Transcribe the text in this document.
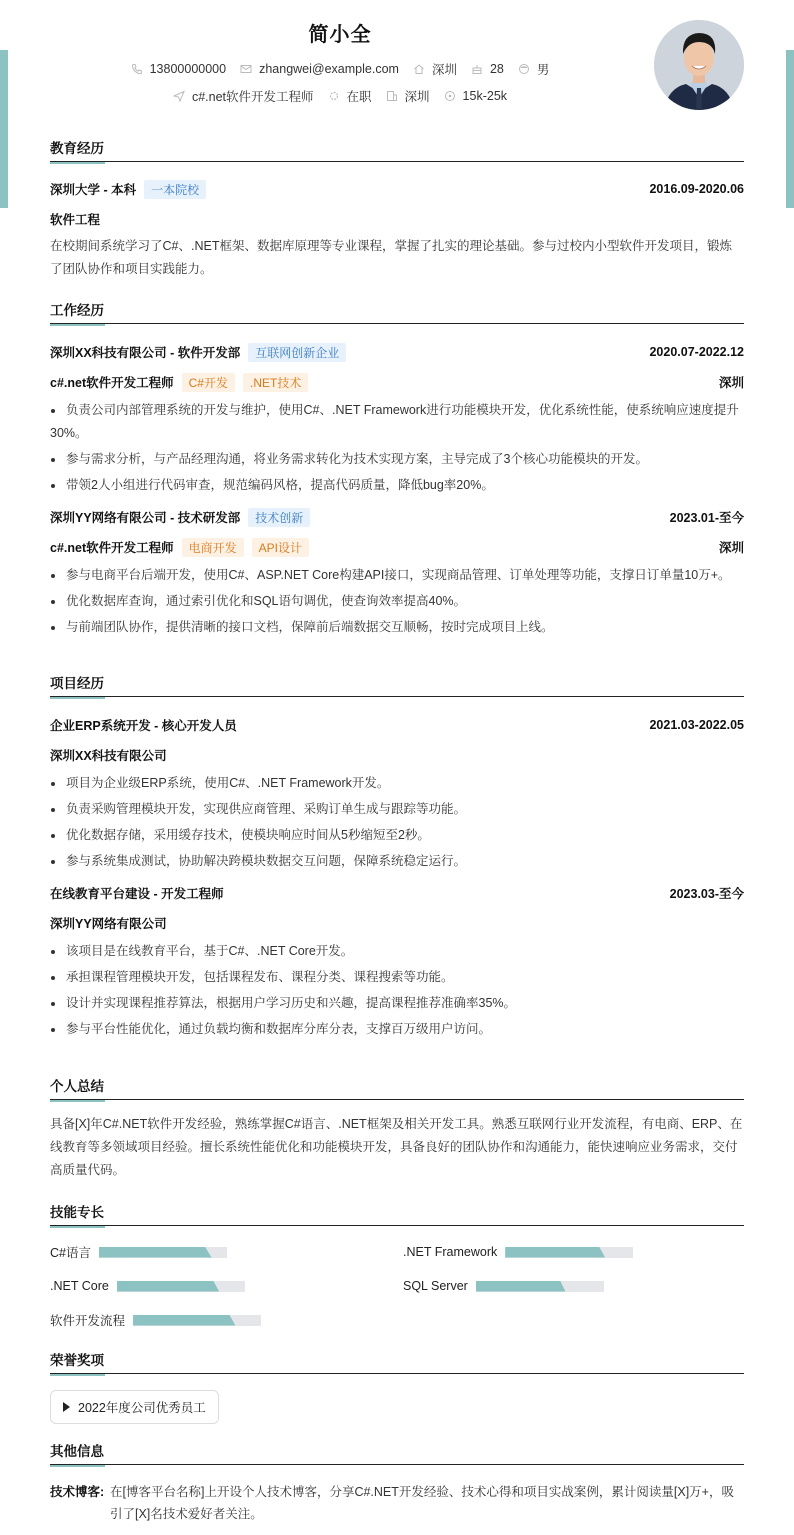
简小全
13800000000	zhangwei@example.com	深圳	28	男
c#.net软件开发工程师	在职	深圳	15k-25k
教育经历
深圳大学 - 本科	一本院校	2016.09-2020.06
软件工程
在校期间系统学习了C#、.NET框架、数据库原理等专业课程，掌握了扎实的理论基础。参与过校内小型软件开发项目，锻炼了团队协作和项目实践能力。
工作经历
深圳XX科技有限公司 - 软件开发部	互联网创新企业	2020.07-2022.12
c#.net软件开发工程师	C#开发	.NET技术	深圳
负责公司内部管理系统的开发与维护，使用C#、.NET Framework进行功能模块开发，优化系统性能，使系统响应速度提升30%。
参与需求分析，与产品经理沟通，将业务需求转化为技术实现方案，主导完成了3个核心功能模块的开发。
带领2人小组进行代码审查，规范编码风格，提高代码质量，降低bug率20%。
深圳YY网络有限公司 - 技术研发部	技术创新	2023.01-至今
c#.net软件开发工程师	电商开发	API设计	深圳
参与电商平台后端开发，使用C#、ASP.NET Core构建API接口，实现商品管理、订单处理等功能，支撑日订单量10万+。
优化数据库查询，通过索引优化和SQL语句调优，使查询效率提高40%。
与前端团队协作，提供清晰的接口文档，保障前后端数据交互顺畅，按时完成项目上线。
项目经历
企业ERP系统开发 - 核心开发人员	2021.03-2022.05
深圳XX科技有限公司
项目为企业级ERP系统，使用C#、.NET Framework开发。
负责采购管理模块开发，实现供应商管理、采购订单生成与跟踪等功能。
优化数据存储，采用缓存技术，使模块响应时间从5秒缩短至2秒。
参与系统集成测试，协助解决跨模块数据交互问题，保障系统稳定运行。
在线教育平台建设 - 开发工程师	2023.03-至今
深圳YY网络有限公司
该项目是在线教育平台，基于C#、.NET Core开发。
承担课程管理模块开发，包括课程发布、课程分类、课程搜索等功能。
设计并实现课程推荐算法，根据用户学习历史和兴趣，提高课程推荐准确率35%。
参与平台性能优化，通过负载均衡和数据库分库分表，支撑百万级用户访问。
个人总结
具备[X]年C#.NET软件开发经验，熟练掌握C#语言、.NET框架及相关开发工具。熟悉互联网行业开发流程，有电商、ERP、在线教育等多领域项目经验。擅长系统性能优化和功能模块开发，具备良好的团队协作和沟通能力，能快速响应业务需求，交付高质量代码。
技能专长
C#语言	.NET Framework
.NET Core	SQL Server
软件开发流程
荣誉奖项
2022年度公司优秀员工
其他信息
技术博客: 在[博客平台名称]上开设个人技术博客，分享C#.NET开发经验、技术心得和项目实战案例，累计阅读量[X]万+，吸引了[X]名技术爱好者关注。
